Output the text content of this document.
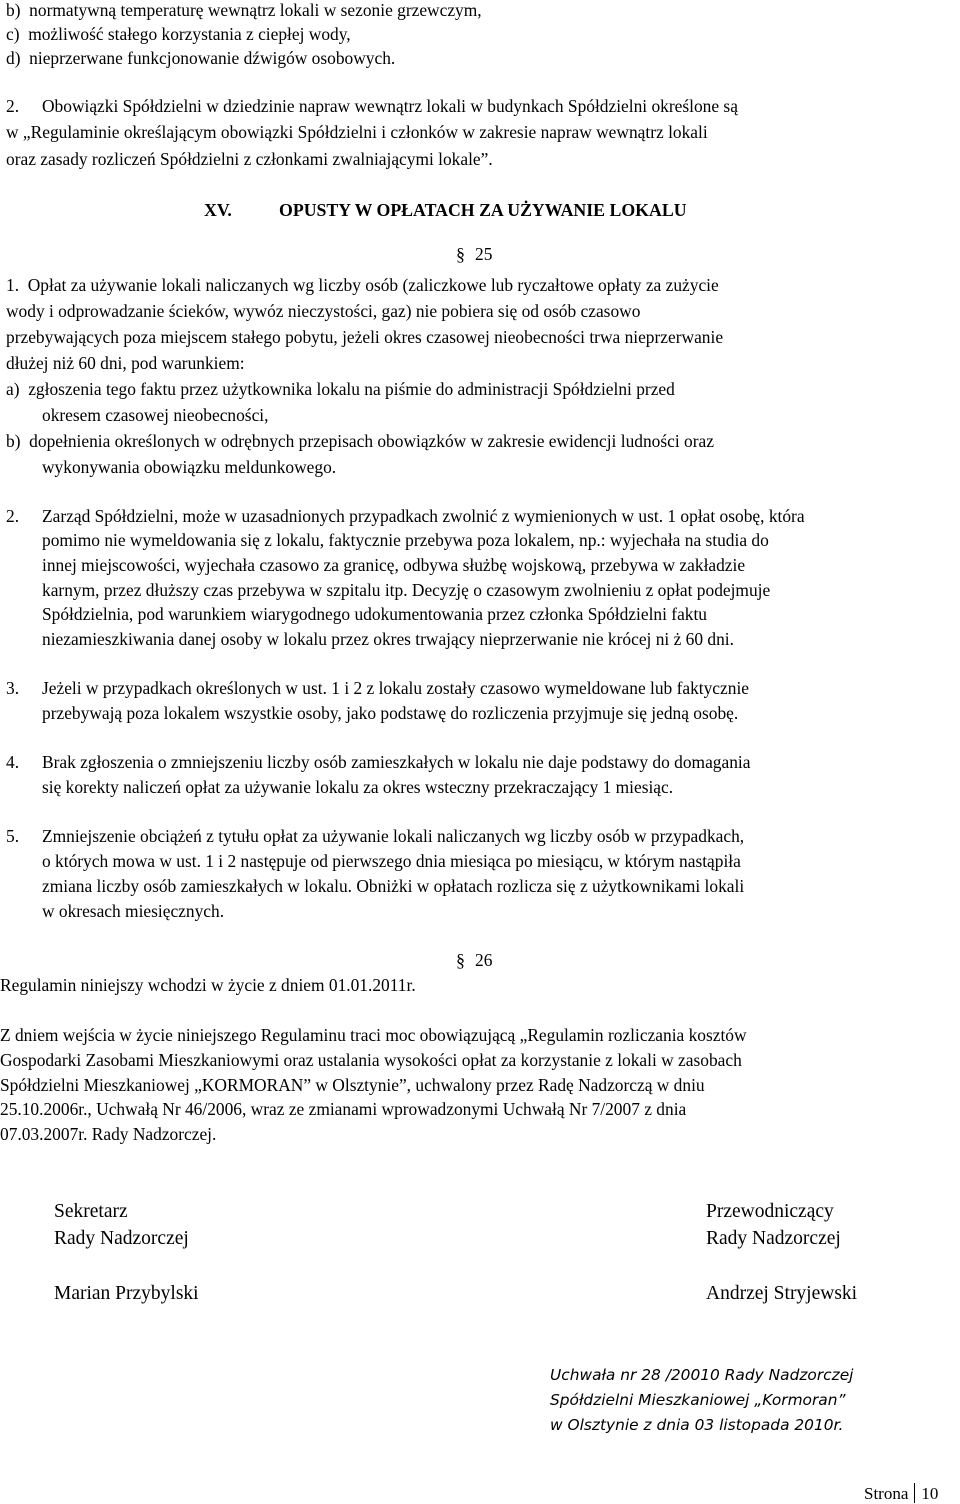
b)  normatywną temperaturę wewnątrz lokali w sezonie grzewczym,
c)  możliwość stałego korzystania z ciepłej wody,
d)  nieprzerwane funkcjonowanie dźwigów osobowych.
2. Obowiązki Spółdzielni w dziedzinie napraw wewnątrz lokali w budynkach Spółdzielni określone są
w „Regulaminie określającym obowiązki Spółdzielni i członków w zakresie napraw wewnątrz lokali
oraz zasady rozliczeń Spółdzielni z członkami zwalniającymi lokale”.
XV.	OPUSTY W OPŁATACH ZA UŻYWANIE LOKALU
§ 25
1.  Opłat za używanie lokali naliczanych wg liczby osób (zaliczkowe lub ryczałtowe opłaty za zużycie
wody i odprowadzanie ścieków, wywóz nieczystości, gaz) nie pobiera się od osób czasowo
przebywających poza miejscem stałego pobytu, jeżeli okres czasowej nieobecności trwa nieprzerwanie
dłużej niż 60 dni, pod warunkiem:
a)  zgłoszenia tego faktu przez użytkownika lokalu na piśmie do administracji Spółdzielni przed
okresem czasowej nieobecności,
b)  dopełnienia określonych w odrębnych przepisach obowiązków w zakresie ewidencji ludności oraz
wykonywania obowiązku meldunkowego.
2. Zarząd Spółdzielni, może w uzasadnionych przypadkach zwolnić z wymienionych w ust. 1 opłat osobę, która
pomimo nie wymeldowania się z lokalu, faktycznie przebywa poza lokalem, np.: wyjechała na studia do
innej miejscowości, wyjechała czasowo za granicę, odbywa służbę wojskową, przebywa w zakładzie
karnym, przez dłuższy czas przebywa w szpitalu itp. Decyzję o czasowym zwolnieniu z opłat podejmuje
Spółdzielnia, pod warunkiem wiarygodnego udokumentowania przez członka Spółdzielni faktu
niezamieszkiwania danej osoby w lokalu przez okres trwający nieprzerwanie nie krócej ni ż 60 dni.
3. Jeżeli w przypadkach określonych w ust. 1 i 2 z lokalu zostały czasowo wymeldowane lub faktycznie
przebywają poza lokalem wszystkie osoby, jako podstawę do rozliczenia przyjmuje się jedną osobę.
4. Brak zgłoszenia o zmniejszeniu liczby osób zamieszkałych w lokalu nie daje podstawy do domagania
się korekty naliczeń opłat za używanie lokalu za okres wsteczny przekraczający 1 miesiąc.
5. Zmniejszenie obciążeń z tytułu opłat za używanie lokali naliczanych wg liczby osób w przypadkach,
o których mowa w ust. 1 i 2 następuje od pierwszego dnia miesiąca po miesiącu, w którym nastąpiła
zmiana liczby osób zamieszkałych w lokalu. Obniżki w opłatach rozlicza się z użytkownikami lokali
w okresach miesięcznych.
§ 26
Regulamin niniejszy wchodzi w życie z dniem 01.01.2011r.
Z dniem wejścia w życie niniejszego Regulaminu traci moc obowiązującą „Regulamin rozliczania kosztów
Gospodarki Zasobami Mieszkaniowymi oraz ustalania wysokości opłat za korzystanie z lokali w zasobach
Spółdzielni Mieszkaniowej „KORMORAN” w Olsztynie”, uchwalony przez Radę Nadzorczą w dniu
25.10.2006r., Uchwałą Nr 46/2006, wraz ze zmianami wprowadzonymi Uchwałą Nr 7/2007 z dnia
07.03.2007r. Rady Nadzorczej.
Sekretarz
Rady Nadzorczej
Marian Przybylski
Przewodniczący
Rady Nadzorczej
Andrzej Stryjewski
Uchwała nr 28 /20010 Rady Nadzorczej
Spółdzielni Mieszkaniowej „Kormoran”
w Olsztynie z dnia 03 listopada 2010r.
Strona 10
